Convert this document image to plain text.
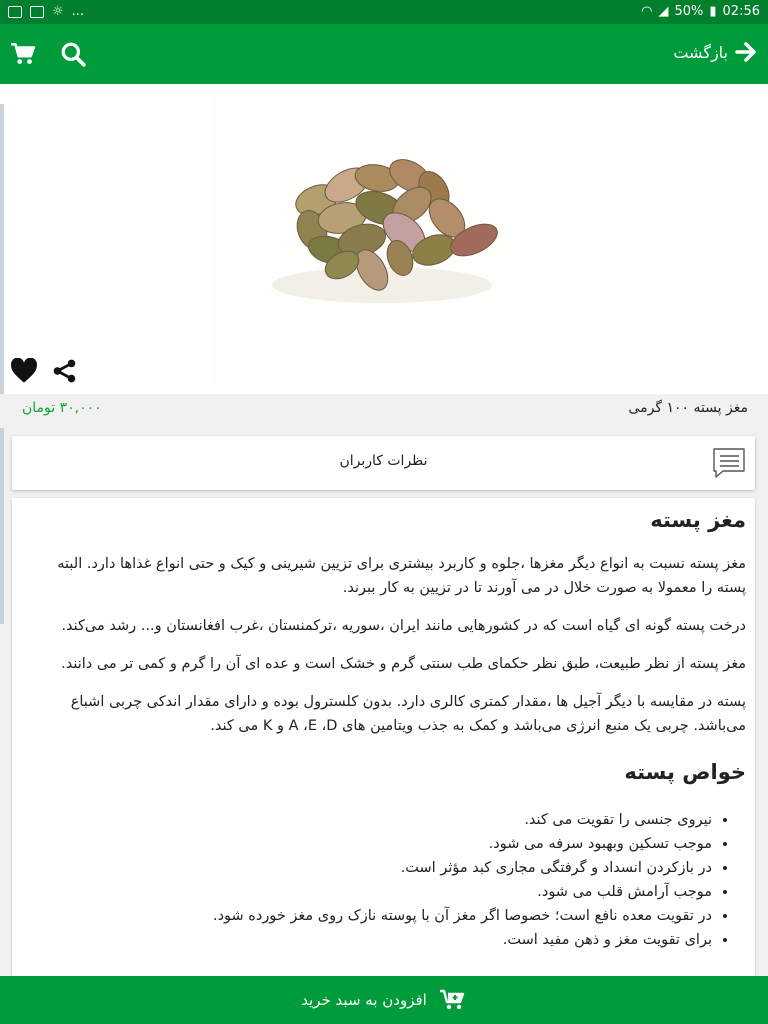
☼ ...	◠ ◢ 50% ▮ 02:56
بازگشت
مغز پسته ۱۰۰ گرمی
۳۰,۰۰۰ تومان
نظرات کاربران
مغز پسته

مغز پسته نسبت به انواع دیگر مغزها ،جلوه و کاربرد بیشتری برای تزیین شیرینی و کیک و حتی انواع غذاها دارد. البته پسته را معمولا به صورت خلال در می آورند تا در تزیین به کار ببرند.

درخت پسته گونه ای گیاه است که در کشورهایی مانند ایران ،سوریه ،ترکمنستان ،غرب افغانستان و... رشد می‌کند.

مغز پسته از نظر طبیعت، طبق نظر حکمای طب سنتی گرم و خشک است و عده ای آن را گرم و کمی تر می دانند.

پسته در مقایسه با دیگر آجیل ها ،مقدار کمتری کالری دارد. بدون کلسترول بوده و دارای مقدار اندکی چربی اشباع می‌باشد. چربی یک منبع انرژی می‌باشد و کمک به جذب ویتامین های A ،E ،D و K می کند.

خواص پسته
• نیروی جنسی را تقویت می کند.
• موجب تسکین وبهبود سرفه می شود.
• در بازکردن انسداد و گرفتگی مجاری کبد مؤثر است.
• موجب آرامش قلب می شود.
• در تقویت معده نافع است؛ خصوصا اگر مغز آن با پوسته نازک روی مغز خورده شود.
• برای تقویت مغز و ذهن مفید است.
افزودن به سبد خرید
